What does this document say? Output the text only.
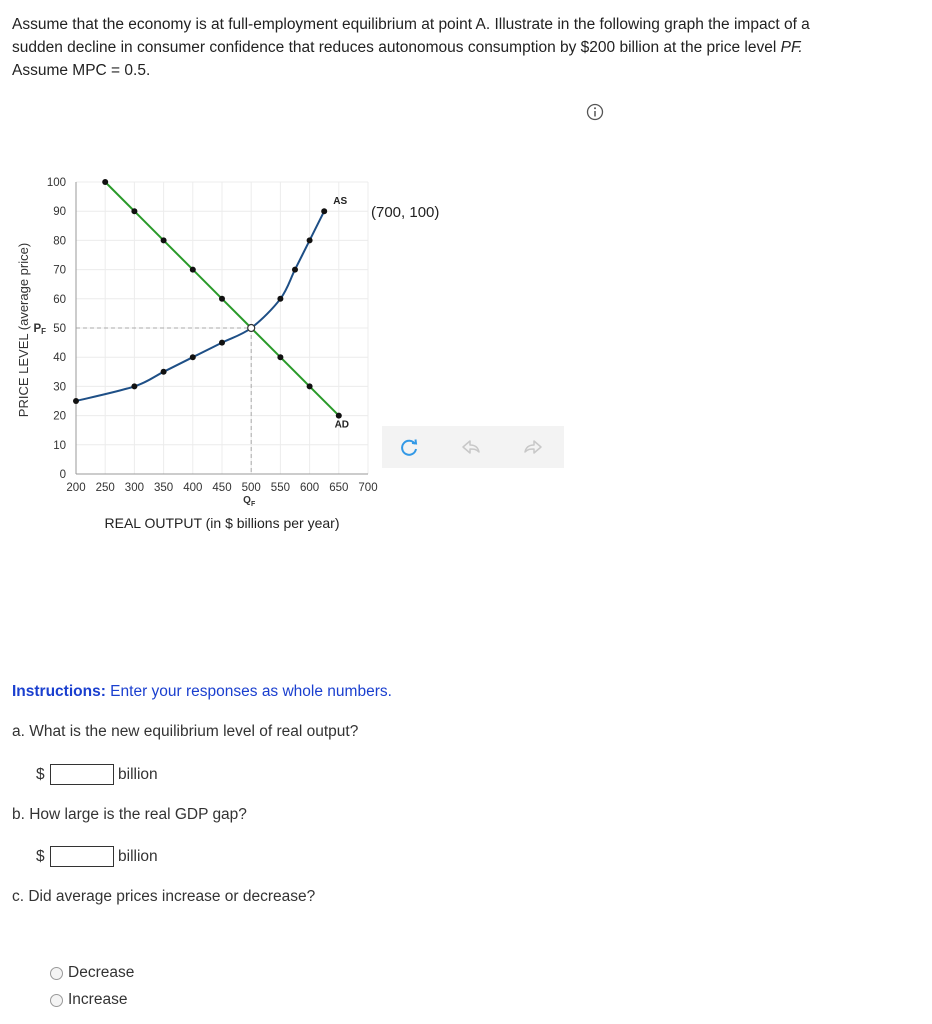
Assume that the economy is at full-employment equilibrium at point A. Illustrate in the following graph the impact of a
sudden decline in consumer confidence that reduces autonomous consumption by $200 billion at the price level PF.
Assume MPC = 0.5.
0
10
20
30
40
50
60
70
80
90
100
200 250 300 350 400 450 500 550 600 650 700
PF
$Q_F$
AD
AS
PRICE LEVEL (average price)
REAL OUTPUT (in $ billions per year)
(700, 100)
Instructions: Enter your responses as whole numbers.
a. What is the new equilibrium level of real output?
$	billion
b. How large is the real GDP gap?
$	billion
c. Did average prices increase or decrease?
Decrease
Increase
